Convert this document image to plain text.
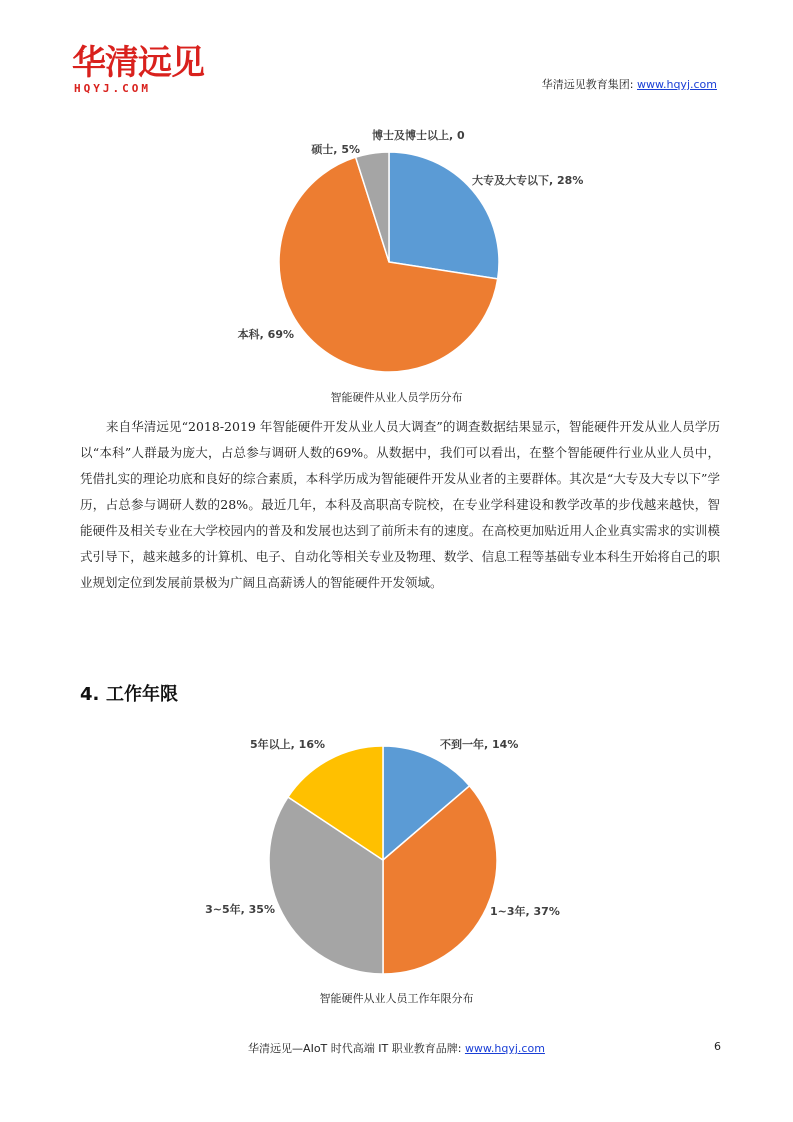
华清远见
HQYJ.COM	华清远见教育集团: www.hqyj.com
大专及大专以下, 28%
本科, 69%
硕士, 5%
博士及博士以上, 0
智能硬件从业人员学历分布
来自华清远见“2018-2019 年智能硬件开发从业人员大调查”的调查数据结果显示，智能硬件开发从业人员学历以“本科”人群最为庞大，占总参与调研人数的69%。从数据中，我们可以看出，在整个智能硬件行业从业人员中，凭借扎实的理论功底和良好的综合素质，本科学历成为智能硬件开发从业者的主要群体。其次是“大专及大专以下”学历，占总参与调研人数的28%。最近几年，本科及高职高专院校，在专业学科建设和教学改革的步伐越来越快，智能硬件及相关专业在大学校园内的普及和发展也达到了前所未有的速度。在高校更加贴近用人企业真实需求的实训模式引导下，越来越多的计算机、电子、自动化等相关专业及物理、数学、信息工程等基础专业本科生开始将自己的职业规划定位到发展前景极为广阔且高薪诱人的智能硬件开发领域。
4. 工作年限
不到一年, 14%
1~3年, 37%
3~5年, 35%
5年以上, 16%
智能硬件从业人员工作年限分布
华清远见—AIoT 时代高端 IT 职业教育品牌: www.hqyj.com	6
